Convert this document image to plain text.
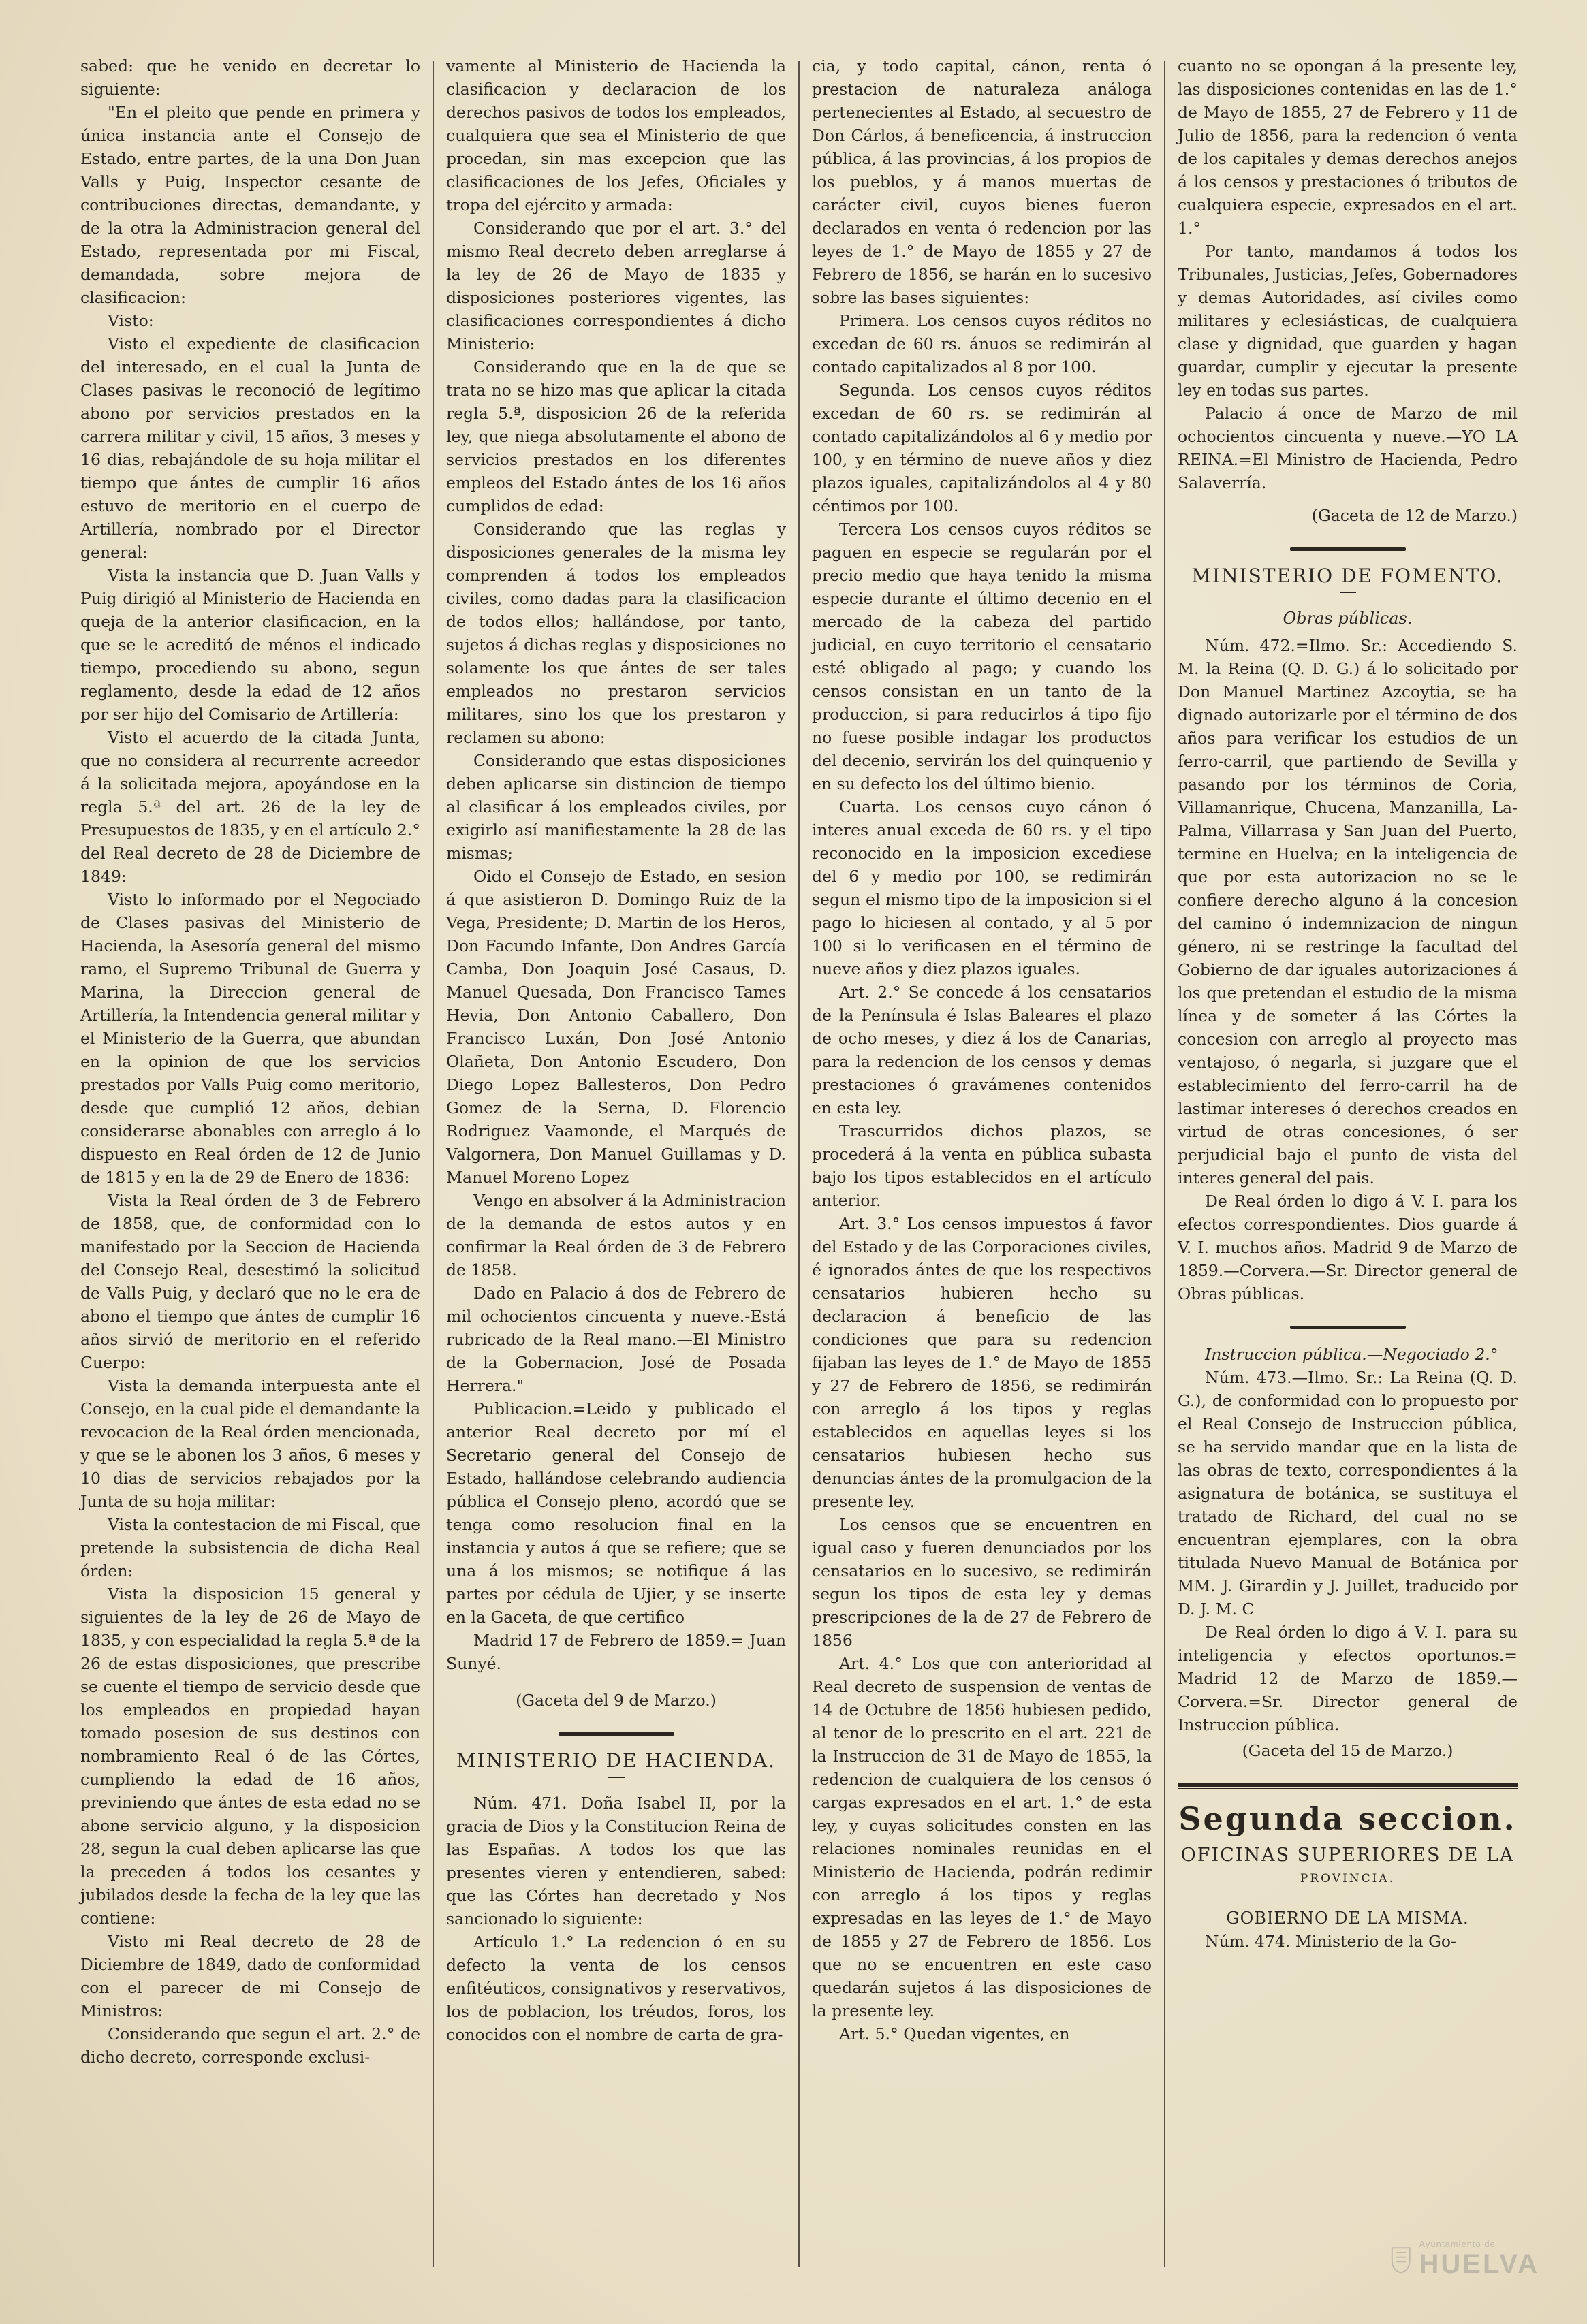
sabed: que he venido en decretar lo siguiente:

"En el pleito que pende en primera y única instancia ante el Consejo de Estado, entre partes, de la una Don Juan Valls y Puig, Inspector cesante de contribuciones directas, demandante, y de la otra la Administracion general del Estado, representada por mi Fiscal, demandada, sobre mejora de clasificacion:

Visto:

Visto el expediente de clasificacion del interesado, en el cual la Junta de Clases pasivas le reconoció de legítimo abono por servicios prestados en la carrera militar y civil, 15 años, 3 meses y 16 dias, rebajándole de su hoja militar el tiempo que ántes de cumplir 16 años estuvo de meritorio en el cuerpo de Artillería, nombrado por el Director general:

Vista la instancia que D. Juan Valls y Puig dirigió al Ministerio de Hacienda en queja de la anterior clasificacion, en la que se le acreditó de ménos el indicado tiempo, procediendo su abono, segun reglamento, desde la edad de 12 años por ser hijo del Comisario de Artillería:

Visto el acuerdo de la citada Junta, que no considera al recurrente acreedor á la solicitada mejora, apoyándose en la regla 5.ª del art. 26 de la ley de Presupuestos de 1835, y en el artículo 2.° del Real decreto de 28 de Diciembre de 1849:

Visto lo informado por el Negociado de Clases pasivas del Ministerio de Hacienda, la Asesoría general del mismo ramo, el Supremo Tribunal de Guerra y Marina, la Direccion general de Artillería, la Intendencia general militar y el Ministerio de la Guerra, que abundan en la opinion de que los servicios prestados por Valls Puig como meritorio, desde que cumplió 12 años, debian considerarse abonables con arreglo á lo dispuesto en Real órden de 12 de Junio de 1815 y en la de 29 de Enero de 1836:

Vista la Real órden de 3 de Febrero de 1858, que, de conformidad con lo manifestado por la Seccion de Hacienda del Consejo Real, desestimó la solicitud de Valls Puig, y declaró que no le era de abono el tiempo que ántes de cumplir 16 años sirvió de meritorio en el referido Cuerpo:

Vista la demanda interpuesta ante el Consejo, en la cual pide el demandante la revocacion de la Real órden mencionada, y que se le abonen los 3 años, 6 meses y 10 dias de servicios rebajados por la Junta de su hoja militar:

Vista la contestacion de mi Fiscal, que pretende la subsistencia de dicha Real órden:

Vista la disposicion 15 general y siguientes de la ley de 26 de Mayo de 1835, y con especialidad la regla 5.ª de la 26 de estas disposiciones, que prescribe se cuente el tiempo de servicio desde que los empleados en propiedad hayan tomado posesion de sus destinos con nombramiento Real ó de las Córtes, cumpliendo la edad de 16 años, previniendo que ántes de esta edad no se abone servicio alguno, y la disposicion 28, segun la cual deben aplicarse las que la preceden á todos los cesantes y jubilados desde la fecha de la ley que las contiene:

Visto mi Real decreto de 28 de Diciembre de 1849, dado de conformidad con el parecer de mi Consejo de Ministros:

Considerando que segun el art. 2.° de dicho decreto, corresponde exclusi-

vamente al Ministerio de Hacienda la clasificacion y declaracion de los derechos pasivos de todos los empleados, cualquiera que sea el Ministerio de que procedan, sin mas excepcion que las clasificaciones de los Jefes, Oficiales y tropa del ejército y armada:

Considerando que por el art. 3.° del mismo Real decreto deben arreglarse á la ley de 26 de Mayo de 1835 y disposiciones posteriores vigentes, las clasificaciones correspondientes á dicho Ministerio:

Considerando que en la de que se trata no se hizo mas que aplicar la citada regla 5.ª, disposicion 26 de la referida ley, que niega absolutamente el abono de servicios prestados en los diferentes empleos del Estado ántes de los 16 años cumplidos de edad:

Considerando que las reglas y disposiciones generales de la misma ley comprenden á todos los empleados civiles, como dadas para la clasificacion de todos ellos; hallándose, por tanto, sujetos á dichas reglas y disposiciones no solamente los que ántes de ser tales empleados no prestaron servicios militares, sino los que los prestaron y reclamen su abono:

Considerando que estas disposiciones deben aplicarse sin distincion de tiempo al clasificar á los empleados civiles, por exigirlo así manifiestamente la 28 de las mismas;

Oido el Consejo de Estado, en sesion á que asistieron D. Domingo Ruiz de la Vega, Presidente; D. Martin de los Heros, Don Facundo Infante, Don Andres García Camba, Don Joaquin José Casaus, D. Manuel Quesada, Don Francisco Tames Hevia, Don Antonio Caballero, Don Francisco Luxán, Don José Antonio Olañeta, Don Antonio Escudero, Don Diego Lopez Ballesteros, Don Pedro Gomez de la Serna, D. Florencio Rodriguez Vaamonde, el Marqués de Valgornera, Don Manuel Guillamas y D. Manuel Moreno Lopez

Vengo en absolver á la Administracion de la demanda de estos autos y en confirmar la Real órden de 3 de Febrero de 1858.

Dado en Palacio á dos de Febrero de mil ochocientos cincuenta y nueve.-Está rubricado de la Real mano.—El Ministro de la Gobernacion, José de Posada Herrera."

Publicacion.=Leido y publicado el anterior Real decreto por mí el Secretario general del Consejo de Estado, hallándose celebrando audiencia pública el Consejo pleno, acordó que se tenga como resolucion final en la instancia y autos á que se refiere; que se una á los mismos; se notifique á las partes por cédula de Ujier, y se inserte en la Gaceta, de que certifico

Madrid 17 de Febrero de 1859.= Juan Sunyé.

(Gaceta del 9 de Marzo.)

MINISTERIO DE HACIENDA.

Núm. 471. Doña Isabel II, por la gracia de Dios y la Constitucion Reina de las Españas. A todos los que las presentes vieren y entendieren, sabed: que las Córtes han decretado y Nos sancionado lo siguiente:

Artículo 1.° La redencion ó en su defecto la venta de los censos enfitéuticos, consignativos y reservativos, los de poblacion, los tréudos, foros, los conocidos con el nombre de carta de gra-

cia, y todo capital, cánon, renta ó prestacion de naturaleza análoga pertenecientes al Estado, al secuestro de Don Cárlos, á beneficencia, á instruccion pública, á las provincias, á los propios de los pueblos, y á manos muertas de carácter civil, cuyos bienes fueron declarados en venta ó redencion por las leyes de 1.° de Mayo de 1855 y 27 de Febrero de 1856, se harán en lo sucesivo sobre las bases siguientes:

Primera. Los censos cuyos réditos no excedan de 60 rs. ánuos se redimirán al contado capitalizados al 8 por 100.

Segunda. Los censos cuyos réditos excedan de 60 rs. se redimirán al contado capitalizándolos al 6 y medio por 100, y en término de nueve años y diez plazos iguales, capitalizándolos al 4 y 80 céntimos por 100.

Tercera Los censos cuyos réditos se paguen en especie se regularán por el precio medio que haya tenido la misma especie durante el último decenio en el mercado de la cabeza del partido judicial, en cuyo territorio el censatario esté obligado al pago; y cuando los censos consistan en un tanto de la produccion, si para reducirlos á tipo fijo no fuese posible indagar los productos del decenio, servirán los del quinquenio y en su defecto los del último bienio.

Cuarta. Los censos cuyo cánon ó interes anual exceda de 60 rs. y el tipo reconocido en la imposicion excediese del 6 y medio por 100, se redimirán segun el mismo tipo de la imposicion si el pago lo hiciesen al contado, y al 5 por 100 si lo verificasen en el término de nueve años y diez plazos iguales.

Art. 2.° Se concede á los censatarios de la Península é Islas Baleares el plazo de ocho meses, y diez á los de Canarias, para la redencion de los censos y demas prestaciones ó gravámenes contenidos en esta ley.

Trascurridos dichos plazos, se procederá á la venta en pública subasta bajo los tipos establecidos en el artículo anterior.

Art. 3.° Los censos impuestos á favor del Estado y de las Corporaciones civiles, é ignorados ántes de que los respectivos censatarios hubieren hecho su declaracion á beneficio de las condiciones que para su redencion fijaban las leyes de 1.° de Mayo de 1855 y 27 de Febrero de 1856, se redimirán con arreglo á los tipos y reglas establecidos en aquellas leyes si los censatarios hubiesen hecho sus denuncias ántes de la promulgacion de la presente ley.

Los censos que se encuentren en igual caso y fueren denunciados por los censatarios en lo sucesivo, se redimirán segun los tipos de esta ley y demas prescripciones de la de 27 de Febrero de 1856

Art. 4.° Los que con anterioridad al Real decreto de suspension de ventas de 14 de Octubre de 1856 hubiesen pedido, al tenor de lo prescrito en el art. 221 de la Instruccion de 31 de Mayo de 1855, la redencion de cualquiera de los censos ó cargas expresados en el art. 1.° de esta ley, y cuyas solicitudes consten en las relaciones nominales reunidas en el Ministerio de Hacienda, podrán redimir con arreglo á los tipos y reglas expresadas en las leyes de 1.° de Mayo de 1855 y 27 de Febrero de 1856. Los que no se encuentren en este caso quedarán sujetos á las disposiciones de la presente ley.

Art. 5.° Quedan vigentes, en

cuanto no se opongan á la presente ley, las disposiciones contenidas en las de 1.° de Mayo de 1855, 27 de Febrero y 11 de Julio de 1856, para la redencion ó venta de los capitales y demas derechos anejos á los censos y prestaciones ó tributos de cualquiera especie, expresados en el art. 1.°

Por tanto, mandamos á todos los Tribunales, Justicias, Jefes, Gobernadores y demas Autoridades, así civiles como militares y eclesiásticas, de cualquiera clase y dignidad, que guarden y hagan guardar, cumplir y ejecutar la presente ley en todas sus partes.

Palacio á once de Marzo de mil ochocientos cincuenta y nueve.—YO LA REINA.=El Ministro de Hacienda, Pedro Salaverría.

(Gaceta de 12 de Marzo.)

MINISTERIO DE FOMENTO.
Obras públicas.

Núm. 472.=Ilmo. Sr.: Accediendo S. M. la Reina (Q. D. G.) á lo solicitado por Don Manuel Martinez Azcoytia, se ha dignado autorizarle por el término de dos años para verificar los estudios de un ferro-carril, que partiendo de Sevilla y pasando por los términos de Coria, Villamanrique, Chucena, Manzanilla, La-Palma, Villarrasa y San Juan del Puerto, termine en Huelva; en la inteligencia de que por esta autorizacion no se le confiere derecho alguno á la concesion del camino ó indemnizacion de ningun género, ni se restringe la facultad del Gobierno de dar iguales autorizaciones á los que pretendan el estudio de la misma línea y de someter á las Córtes la concesion con arreglo al proyecto mas ventajoso, ó negarla, si juzgare que el establecimiento del ferro-carril ha de lastimar intereses ó derechos creados en virtud de otras concesiones, ó ser perjudicial bajo el punto de vista del interes general del pais.

De Real órden lo digo á V. I. para los efectos correspondientes. Dios guarde á V. I. muchos años. Madrid 9 de Marzo de 1859.—Corvera.—Sr. Director general de Obras públicas.

Instruccion pública.—Negociado 2.°

Núm. 473.—Ilmo. Sr.: La Reina (Q. D. G.), de conformidad con lo propuesto por el Real Consejo de Instruccion pública, se ha servido mandar que en la lista de las obras de texto, correspondientes á la asignatura de botánica, se sustituya el tratado de Richard, del cual no se encuentran ejemplares, con la obra titulada Nuevo Manual de Botánica por MM. J. Girardin y J. Juillet, traducido por D. J. M. C

De Real órden lo digo á V. I. para su inteligencia y efectos oportunos.= Madrid 12 de Marzo de 1859.—Corvera.=Sr. Director general de Instruccion pública.

(Gaceta del 15 de Marzo.)

Segunda seccion.
OFICINAS SUPERIORES DE LA
PROVINCIA.
GOBIERNO DE LA MISMA.

Núm. 474. Ministerio de la Go-

Ayuntamiento de
HUELVA
